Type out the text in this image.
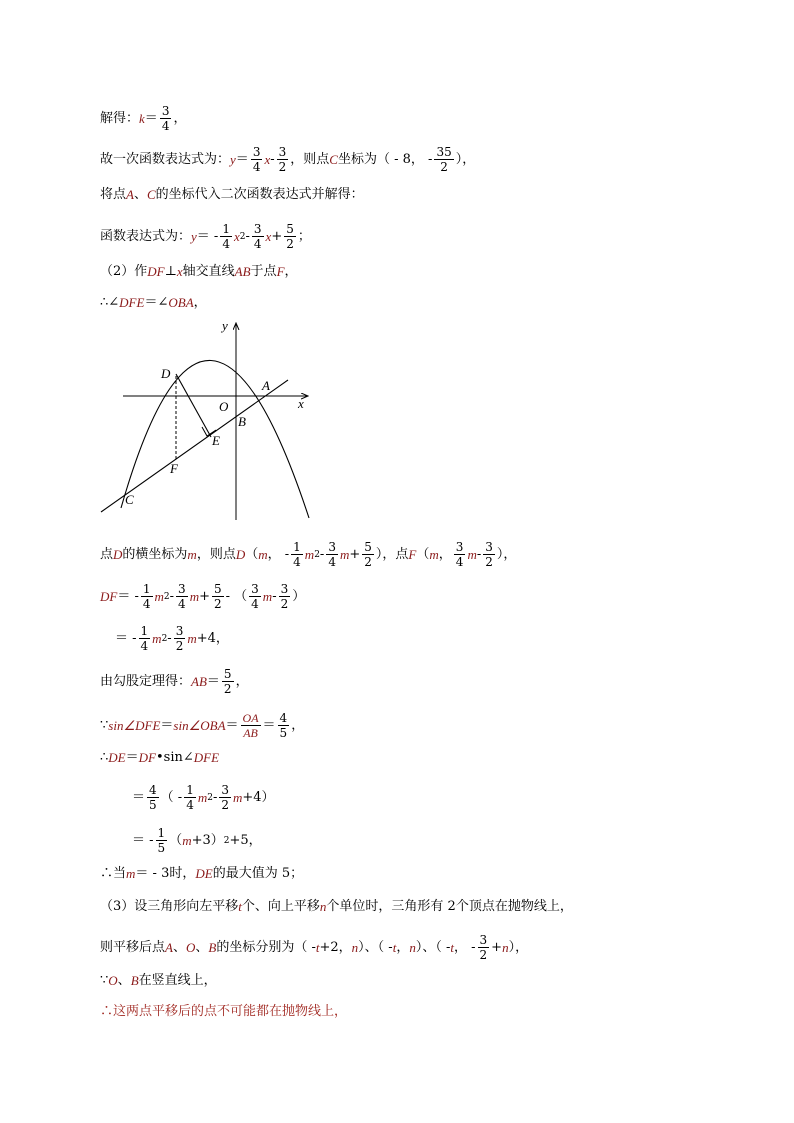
解得： $k = \frac{3}{4}$ ，
故一次函数表达式为： $y = \frac{3}{4}$ x - $\frac{3}{2}$ ，则点 C 坐标为（ - 8， - $\frac{35}{2}$ ），
将点 A 、 C 的坐标代入二次函数表达式并解得：
函数表达式为： y ＝ - $\frac{1}{4}$ x $2 - \frac{3}{4}$ $x + \frac{5}{2}$ ；
（2）作 DF ⊥ x 轴交直线 AB 于点 F ，
∴∠ DFE ＝∠ OBA ，
y
x
D
A
O
B
E
F
C
点 D 的横坐标为 m ，则点 D （ m ， - $\frac{1}{4}$ m $2 - \frac{3}{4}$ $m + \frac{5}{2}$ ），点 F （ m ， $\frac{3}{4}$ m - $\frac{3}{2}$ ），
DF ＝ - $\frac{1}{4}$ m $2 - \frac{3}{4}$ $m + \frac{5}{2}$ - （ $\frac{3}{4}$ m - $\frac{3}{2}$ ）
＝ - $\frac{1}{4}$ m $2 - \frac{3}{2}$ m +4，
由勾股定理得： AB ＝ $\frac{5}{2}$ ，
∵ sin∠ DFE ＝ sin∠ OBA ＝ $\frac{OA}{AB} = \frac{4}{5}$ ，
∴ DE ＝ DF •sin∠ DFE
＝ $\frac{4}{5}$ （ - $\frac{1}{4}$ m $2 - \frac{3}{2}$ m +4）
＝ - $\frac{1}{5}$ （ m +3） 2 +5，
∴当 m ＝ - 3时， DE 的最大值为 5；
（3）设三角形向左平移 t 个、向上平移 n 个单位时，三角形有 2个顶点在抛物线上，
则平移后点 A 、 O 、 B 的坐标分别为（ - t +2， n ）、（ - t ， n ）、（ - t ， - $\frac{3}{2} + n$ ），
∵ O 、 B 在竖直线上，
∴这两点平移后的点不可能都在抛物线上，
